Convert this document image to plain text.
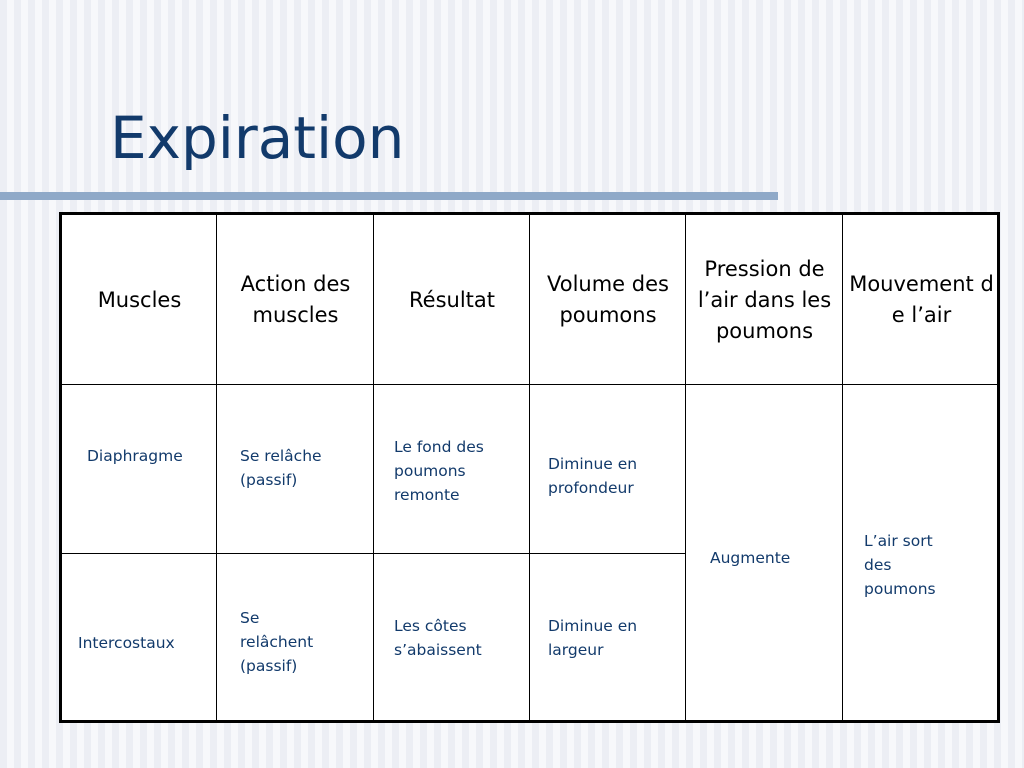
Expiration
Muscles
Action des muscles
Résultat
Volume des poumons
Pression de l’air dans les poumons
Mouvement de l’air
Diaphragme	Se relâche (passif)
Le fond des poumons remonte
Diminue en profondeur
Intercostaux
Se relâchent (passif)
Les côtes s’abaissent
Diminue en largeur
Augmente
L’air sort des poumons
